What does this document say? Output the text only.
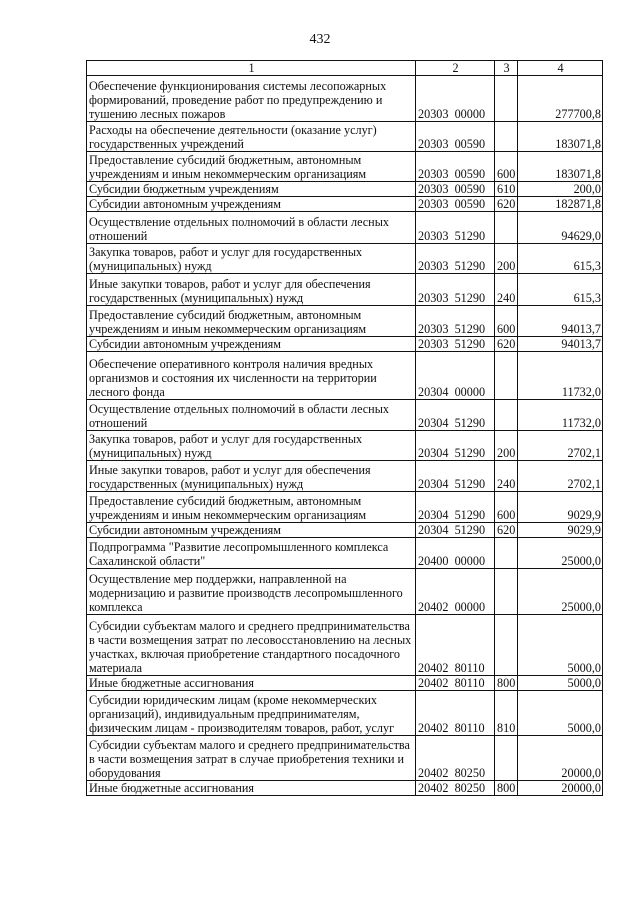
432
1	2	3	4
Обеспечение функционирования системы лесопожарных формирований, проведение работ по предупреждению и тушению лесных пожаров	20303  00000		277700,8
Расходы на обеспечение деятельности (оказание услуг) государственных учреждений	20303  00590		183071,8
Предоставление субсидий бюджетным, автономным учреждениям и иным некоммерческим организациям	20303  00590	600	183071,8
Субсидии бюджетным учреждениям	20303  00590	610	200,0
Субсидии автономным учреждениям	20303  00590	620	182871,8
Осуществление отдельных полномочий в области лесных отношений	20303  51290		94629,0
Закупка товаров, работ и услуг для государственных (муниципальных) нужд	20303  51290	200	615,3
Иные закупки товаров, работ и услуг для обеспечения государственных (муниципальных) нужд	20303  51290	240	615,3
Предоставление субсидий бюджетным, автономным учреждениям и иным некоммерческим организациям	20303  51290	600	94013,7
Субсидии автономным учреждениям	20303  51290	620	94013,7
Обеспечение оперативного контроля наличия вредных организмов и состояния их численности на территории лесного фонда	20304  00000		11732,0
Осуществление отдельных полномочий в области лесных отношений	20304  51290		11732,0
Закупка товаров, работ и услуг для государственных (муниципальных) нужд	20304  51290	200	2702,1
Иные закупки товаров, работ и услуг для обеспечения государственных (муниципальных) нужд	20304  51290	240	2702,1
Предоставление субсидий бюджетным, автономным учреждениям и иным некоммерческим организациям	20304  51290	600	9029,9
Субсидии автономным учреждениям	20304  51290	620	9029,9
Подпрограмма "Развитие лесопромышленного комплекса Сахалинской области"	20400  00000		25000,0
Осуществление мер поддержки, направленной на модернизацию и развитие производств лесопромышленного комплекса	20402  00000		25000,0
Субсидии субъектам малого и среднего предпринимательства в части возмещения затрат по лесовосстановлению на лесных участках, включая приобретение стандартного посадочного материала	20402  80110		5000,0
Иные бюджетные ассигнования	20402  80110	800	5000,0
Субсидии юридическим лицам (кроме некоммерческих организаций), индивидуальным предпринимателям, физическим лицам - производителям товаров, работ, услуг	20402  80110	810	5000,0
Субсидии субъектам малого и среднего предпринимательства в части возмещения затрат в случае приобретения техники и оборудования	20402  80250		20000,0
Иные бюджетные ассигнования	20402  80250	800	20000,0
